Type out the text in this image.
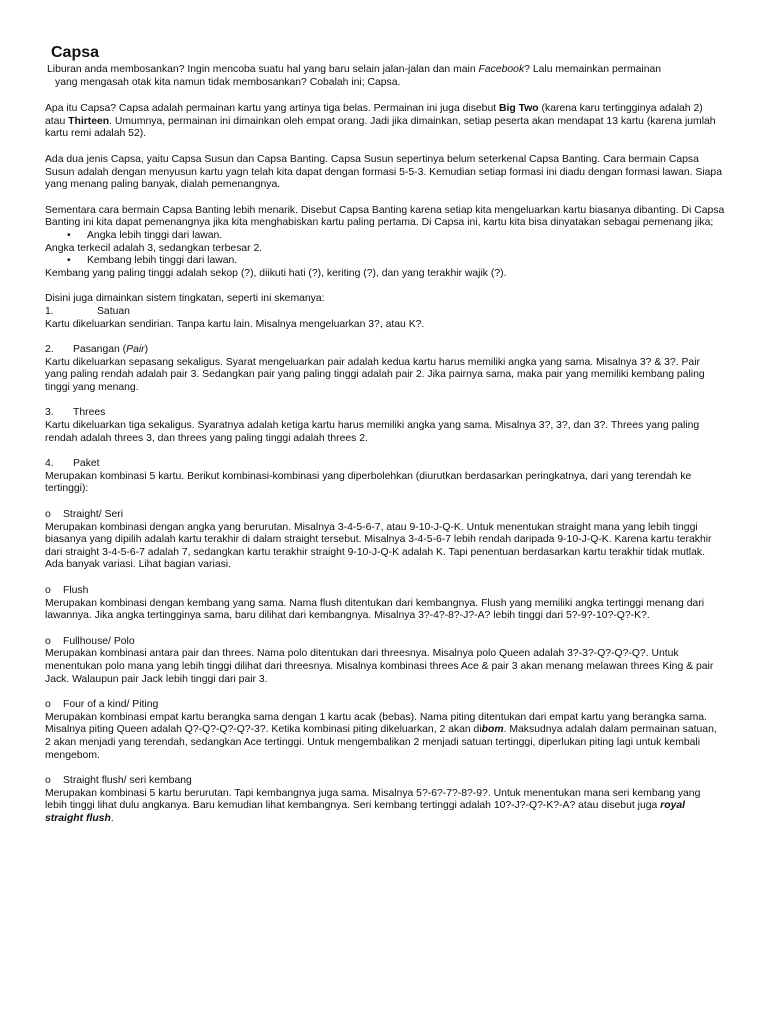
Capsa
Liburan anda membosankan? Ingin mencoba suatu hal yang baru selain jalan-jalan dan main Facebook? Lalu memainkan permainan
yang mengasah otak kita namun tidak membosankan? Cobalah ini; Capsa.

Apa itu Capsa? Capsa adalah permainan kartu yang artinya tiga belas. Permainan ini juga disebut Big Two (karena karu tertingginya adalah 2) atau Thirteen. Umumnya, permainan ini dimainkan oleh empat orang. Jadi jika dimainkan, setiap peserta akan mendapat 13 kartu (karena jumlah kartu remi adalah 52).

Ada dua jenis Capsa, yaitu Capsa Susun dan Capsa Banting. Capsa Susun sepertinya belum seterkenal Capsa Banting. Cara bermain Capsa Susun adalah dengan menyusun kartu yagn telah kita dapat dengan formasi 5-5-3. Kemudian setiap formasi ini diadu dengan formasi lawan. Siapa yang menang paling banyak, dialah pemenangnya.

Sementara cara bermain Capsa Banting lebih menarik. Disebut Capsa Banting karena setiap kita mengeluarkan kartu biasanya dibanting. Di Capsa Banting ini kita dapat pemenangnya jika kita menghabiskan kartu paling pertama. Di Capsa ini, kartu kita bisa dinyatakan sebagai pemenang jika;

• Angka lebih tinggi dari lawan.
Angka terkecil adalah 3, sedangkan terbesar 2.
• Kembang lebih tinggi dari lawan.

Kembang yang paling tinggi adalah sekop (?), diikuti hati (?), keriting (?), dan yang terakhir wajik (?).

Disini juga dimainkan sistem tingkatan, seperti ini skemanya:
1.	Satuan

Kartu dikeluarkan sendirian. Tanpa kartu lain. Misalnya mengeluarkan 3?, atau K?.

2. Pasangan (Pair)

Kartu dikeluarkan sepasang sekaligus. Syarat mengeluarkan pair adalah kedua kartu harus memiliki angka yang sama. Misalnya 3? & 3?. Pair yang paling rendah adalah pair 3. Sedangkan pair yang paling tinggi adalah pair 2. Jika pairnya sama, maka pair yang memiliki kembang paling tinggi yang menang.

3. Threes

Kartu dikeluarkan tiga sekaligus. Syaratnya adalah ketiga kartu harus memiliki angka yang sama. Misalnya 3?, 3?, dan 3?. Threes yang paling rendah adalah threes 3, dan threes yang paling tinggi adalah threes 2.

4. Paket

Merupakan kombinasi 5 kartu. Berikut kombinasi-kombinasi yang diperbolehkan (diurutkan berdasarkan peringkatnya, dari yang terendah ke tertinggi):

o Straight/ Seri

Merupakan kombinasi dengan angka yang berurutan. Misalnya 3-4-5-6-7, atau 9-10-J-Q-K. Untuk menentukan straight mana yang lebih tinggi biasanya yang dipilih adalah kartu terakhir di dalam straight tersebut. Misalnya 3-4-5-6-7 lebih rendah daripada 9-10-J-Q-K. Karena kartu terakhir dari straight 3-4-5-6-7 adalah 7, sedangkan kartu terakhir straight 9-10-J-Q-K adalah K. Tapi penentuan berdasarkan kartu terakhir tidak mutlak. Ada banyak variasi. Lihat bagian variasi.

o Flush

Merupakan kombinasi dengan kembang yang sama. Nama flush ditentukan dari kembangnya. Flush yang memiliki angka tertinggi menang dari lawannya. Jika angka tertingginya sama, baru dilihat dari kembangnya. Misalnya 3?-4?-8?-J?-A? lebih tinggi dari 5?-9?-10?-Q?-K?.

o Fullhouse/ Polo

Merupakan kombinasi antara pair dan threes. Nama polo ditentukan dari threesnya. Misalnya polo Queen adalah 3?-3?-Q?-Q?-Q?. Untuk menentukan polo mana yang lebih tinggi dilihat dari threesnya. Misalnya kombinasi threes Ace & pair 3 akan menang melawan threes King & pair Jack. Walaupun pair Jack lebih tinggi dari pair 3.

o Four of a kind/ Piting

Merupakan kombinasi empat kartu berangka sama dengan 1 kartu acak (bebas). Nama piting ditentukan dari empat kartu yang berangka sama. Misalnya piting Queen adalah Q?-Q?-Q?-Q?-3?. Ketika kombinasi piting dikeluarkan, 2 akan dibom. Maksudnya adalah dalam permainan satuan, 2 akan menjadi yang terendah, sedangkan Ace tertinggi. Untuk mengembalikan 2 menjadi satuan tertinggi, diperlukan piting lagi untuk kembali mengebom.

o Straight flush/ seri kembang

Merupakan kombinasi 5 kartu berurutan. Tapi kembangnya juga sama. Misalnya 5?-6?-7?-8?-9?. Untuk menentukan mana seri kembang yang lebih tinggi lihat dulu angkanya. Baru kemudian lihat kembangnya. Seri kembang tertinggi adalah 10?-J?-Q?-K?-A? atau disebut juga royal straight flush.
